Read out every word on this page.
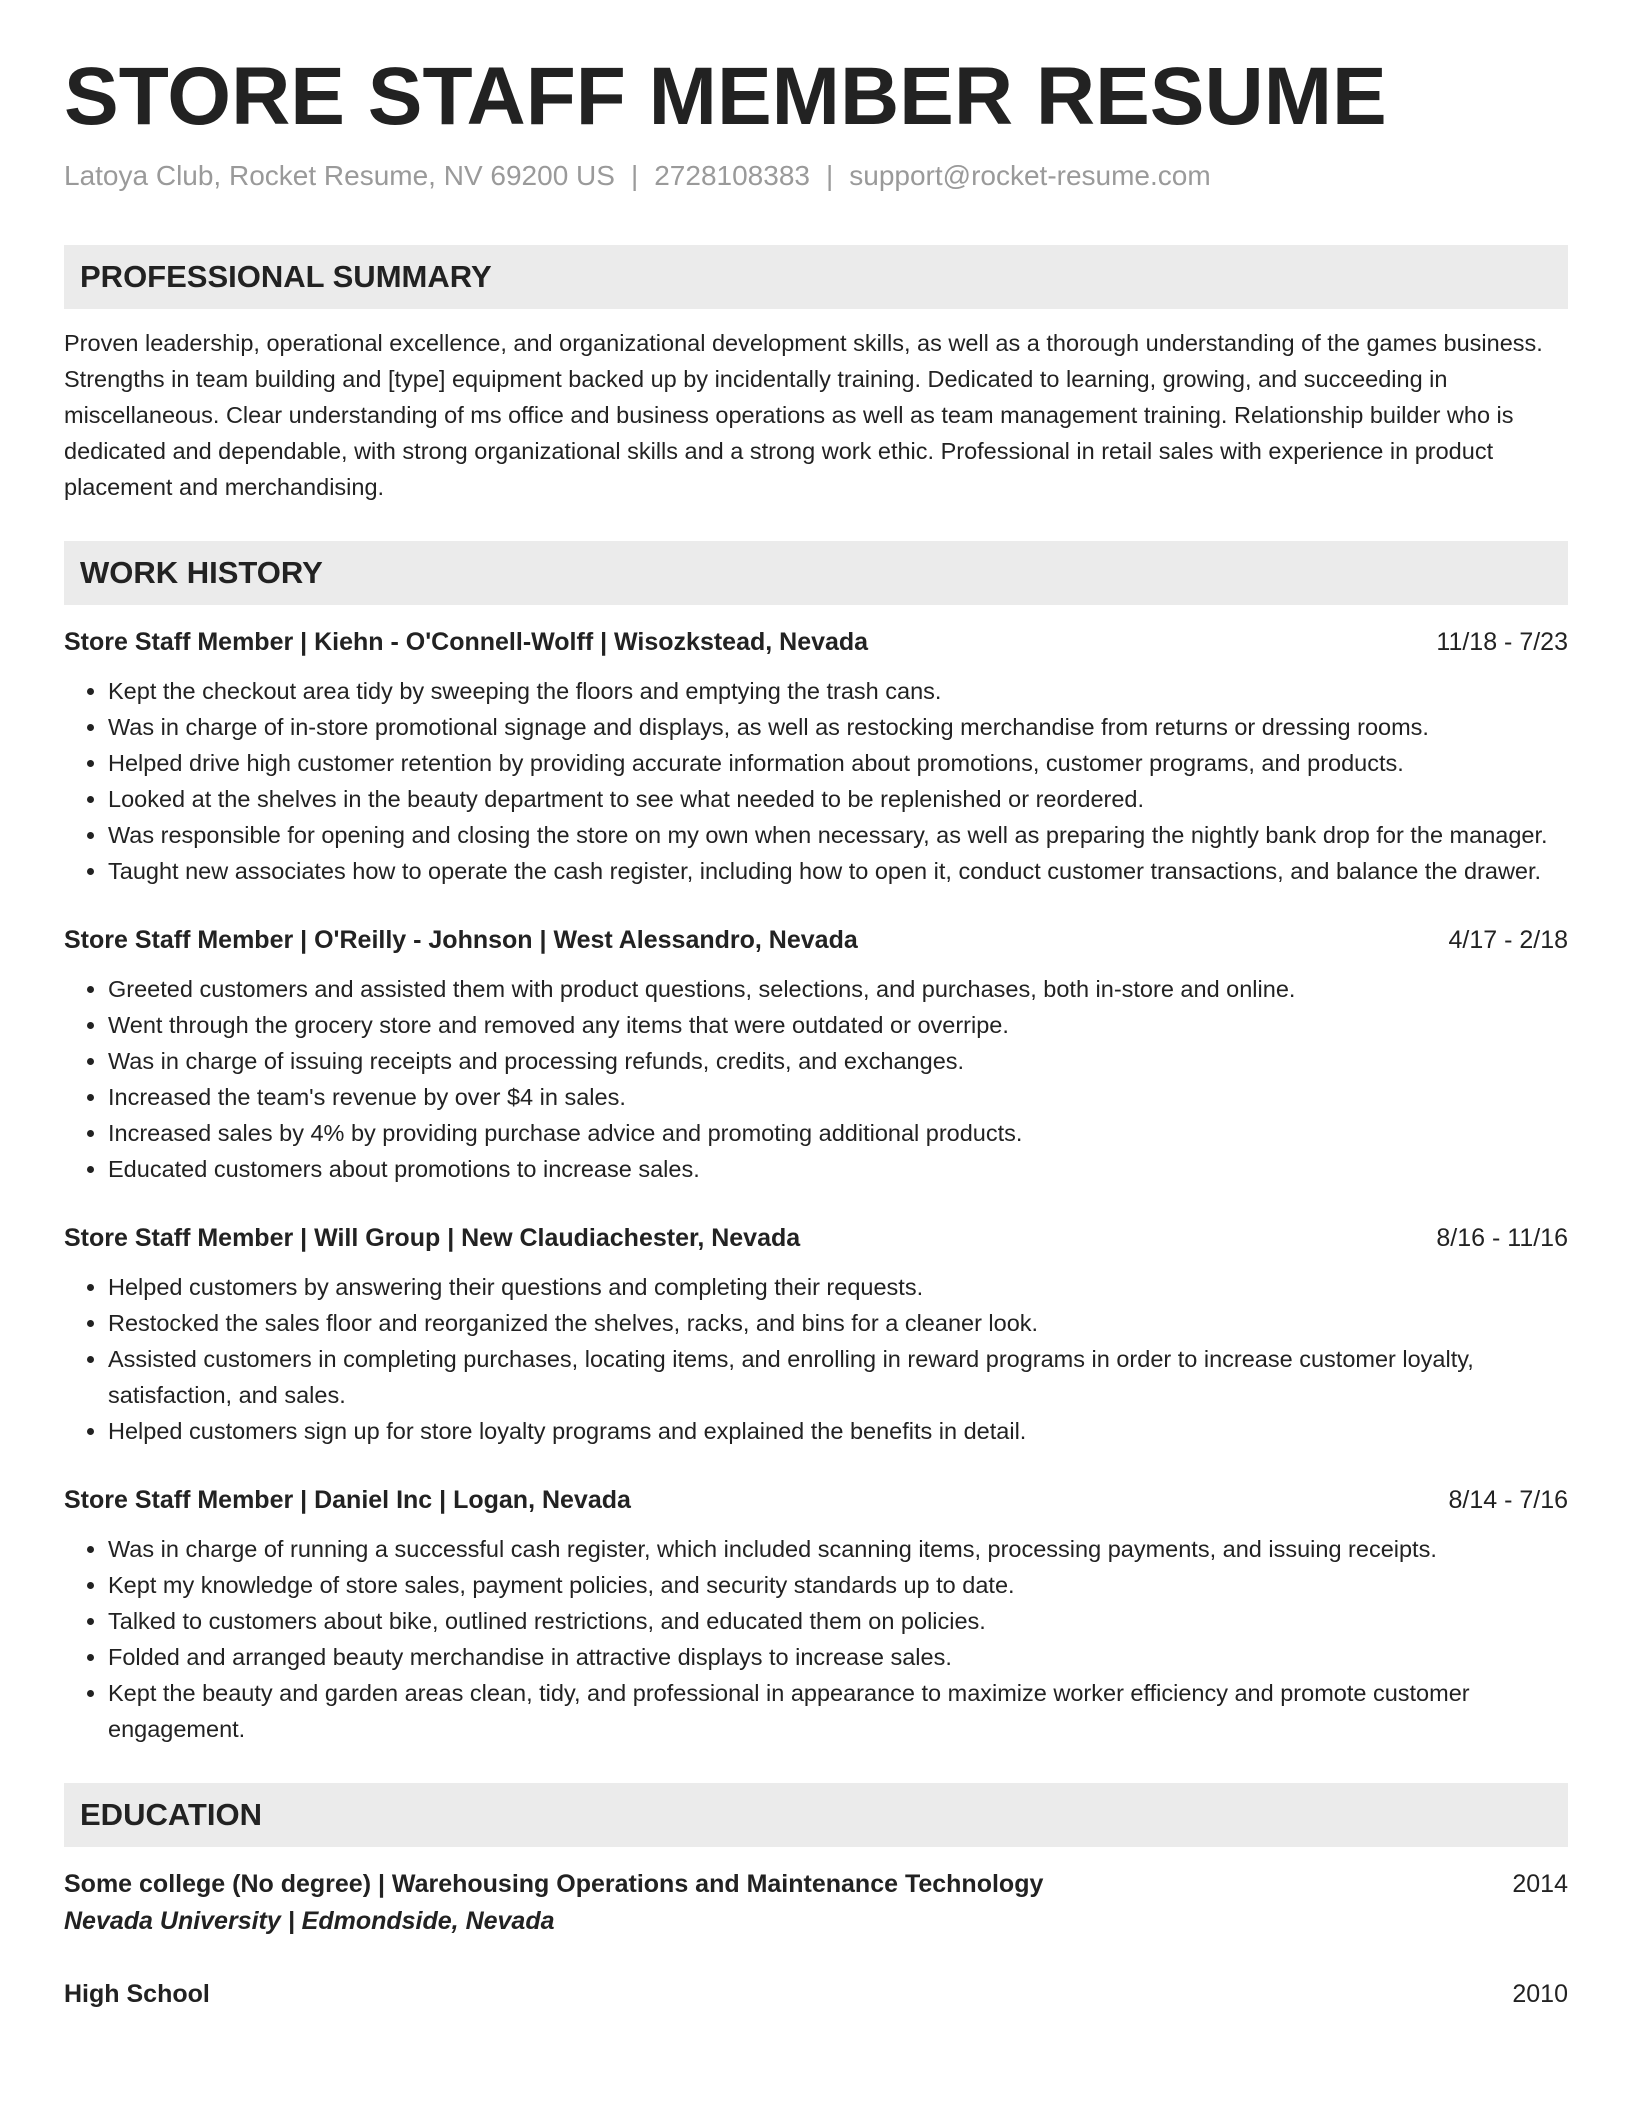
STORE STAFF MEMBER RESUME
Latoya Club, Rocket Resume, NV 69200 US | 2728108383 | support@rocket-resume.com
PROFESSIONAL SUMMARY
Proven leadership, operational excellence, and organizational development skills, as well as a thorough understanding of the games business. Strengths in team building and [type] equipment backed up by incidentally training. Dedicated to learning, growing, and succeeding in miscellaneous. Clear understanding of ms office and business operations as well as team management training. Relationship builder who is dedicated and dependable, with strong organizational skills and a strong work ethic. Professional in retail sales with experience in product placement and merchandising.
WORK HISTORY
Store Staff Member | Kiehn - O'Connell-Wolff | Wisozkstead, Nevada	11/18 - 7/23
• Kept the checkout area tidy by sweeping the floors and emptying the trash cans.
• Was in charge of in-store promotional signage and displays, as well as restocking merchandise from returns or dressing rooms.
• Helped drive high customer retention by providing accurate information about promotions, customer programs, and products.
• Looked at the shelves in the beauty department to see what needed to be replenished or reordered.
• Was responsible for opening and closing the store on my own when necessary, as well as preparing the nightly bank drop for the manager.
• Taught new associates how to operate the cash register, including how to open it, conduct customer transactions, and balance the drawer.
Store Staff Member | O'Reilly - Johnson | West Alessandro, Nevada	4/17 - 2/18
• Greeted customers and assisted them with product questions, selections, and purchases, both in-store and online.
• Went through the grocery store and removed any items that were outdated or overripe.
• Was in charge of issuing receipts and processing refunds, credits, and exchanges.
• Increased the team's revenue by over $4 in sales.
• Increased sales by 4% by providing purchase advice and promoting additional products.
• Educated customers about promotions to increase sales.
Store Staff Member | Will Group | New Claudiachester, Nevada	8/16 - 11/16
• Helped customers by answering their questions and completing their requests.
• Restocked the sales floor and reorganized the shelves, racks, and bins for a cleaner look.
• Assisted customers in completing purchases, locating items, and enrolling in reward programs in order to increase customer loyalty, satisfaction, and sales.
• Helped customers sign up for store loyalty programs and explained the benefits in detail.
Store Staff Member | Daniel Inc | Logan, Nevada	8/14 - 7/16
• Was in charge of running a successful cash register, which included scanning items, processing payments, and issuing receipts.
• Kept my knowledge of store sales, payment policies, and security standards up to date.
• Talked to customers about bike, outlined restrictions, and educated them on policies.
• Folded and arranged beauty merchandise in attractive displays to increase sales.
• Kept the beauty and garden areas clean, tidy, and professional in appearance to maximize worker efficiency and promote customer engagement.
EDUCATION
Some college (No degree) | Warehousing Operations and Maintenance Technology	2014
Nevada University | Edmondside, Nevada
High School	2010
